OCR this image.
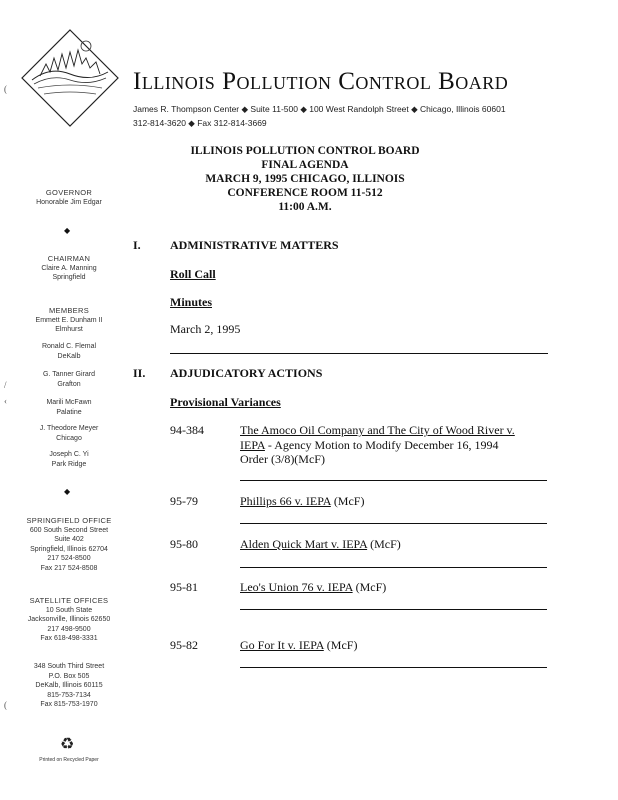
Illinois Pollution Control Board
James R. Thompson Center ◆ Suite 11-500 ◆ 100 West Randolph Street ◆ Chicago, Illinois 60601
312-814-3620 ◆ Fax 312-814-3669
ILLINOIS POLLUTION CONTROL BOARD
FINAL AGENDA
MARCH 9, 1995 CHICAGO, ILLINOIS
CONFERENCE ROOM 11-512
11:00 A.M.
GOVERNOR
Honorable Jim Edgar
◆
CHAIRMAN
Claire A. Manning
Springfield
MEMBERS
Emmett E. Dunham II
Elmhurst
Ronald C. Flemal
DeKalb
G. Tanner Girard
Grafton
Marili McFawn
Palatine
J. Theodore Meyer
Chicago
Joseph C. Yi
Park Ridge
◆
SPRINGFIELD OFFICE
600 South Second Street
Suite 402
Springfield, Illinois 62704
217 524-8500
Fax 217 524-8508
SATELLITE OFFICES
10 South State
Jacksonville, Illinois 62650
217 498-9500
Fax 618-498-3331
348 South Third Street
P.O. Box 505
DeKalb, Illinois 60115
815-753-7134
Fax 815-753-1970
♻
Printed on Recycled Paper
(
/
‹
(
I. ADMINISTRATIVE MATTERS
Roll Call
Minutes
March 2, 1995
II. ADJUDICATORY ACTIONS
Provisional Variances
94-384	The Amoco Oil Company and The City of Wood River v.
IEPA - Agency Motion to Modify December 16, 1994
Order (3/8)(McF)
95-79	Phillips 66 v. IEPA (McF)
95-80	Alden Quick Mart v. IEPA (McF)
95-81	Leo's Union 76 v. IEPA (McF)
95-82	Go For It v. IEPA (McF)
